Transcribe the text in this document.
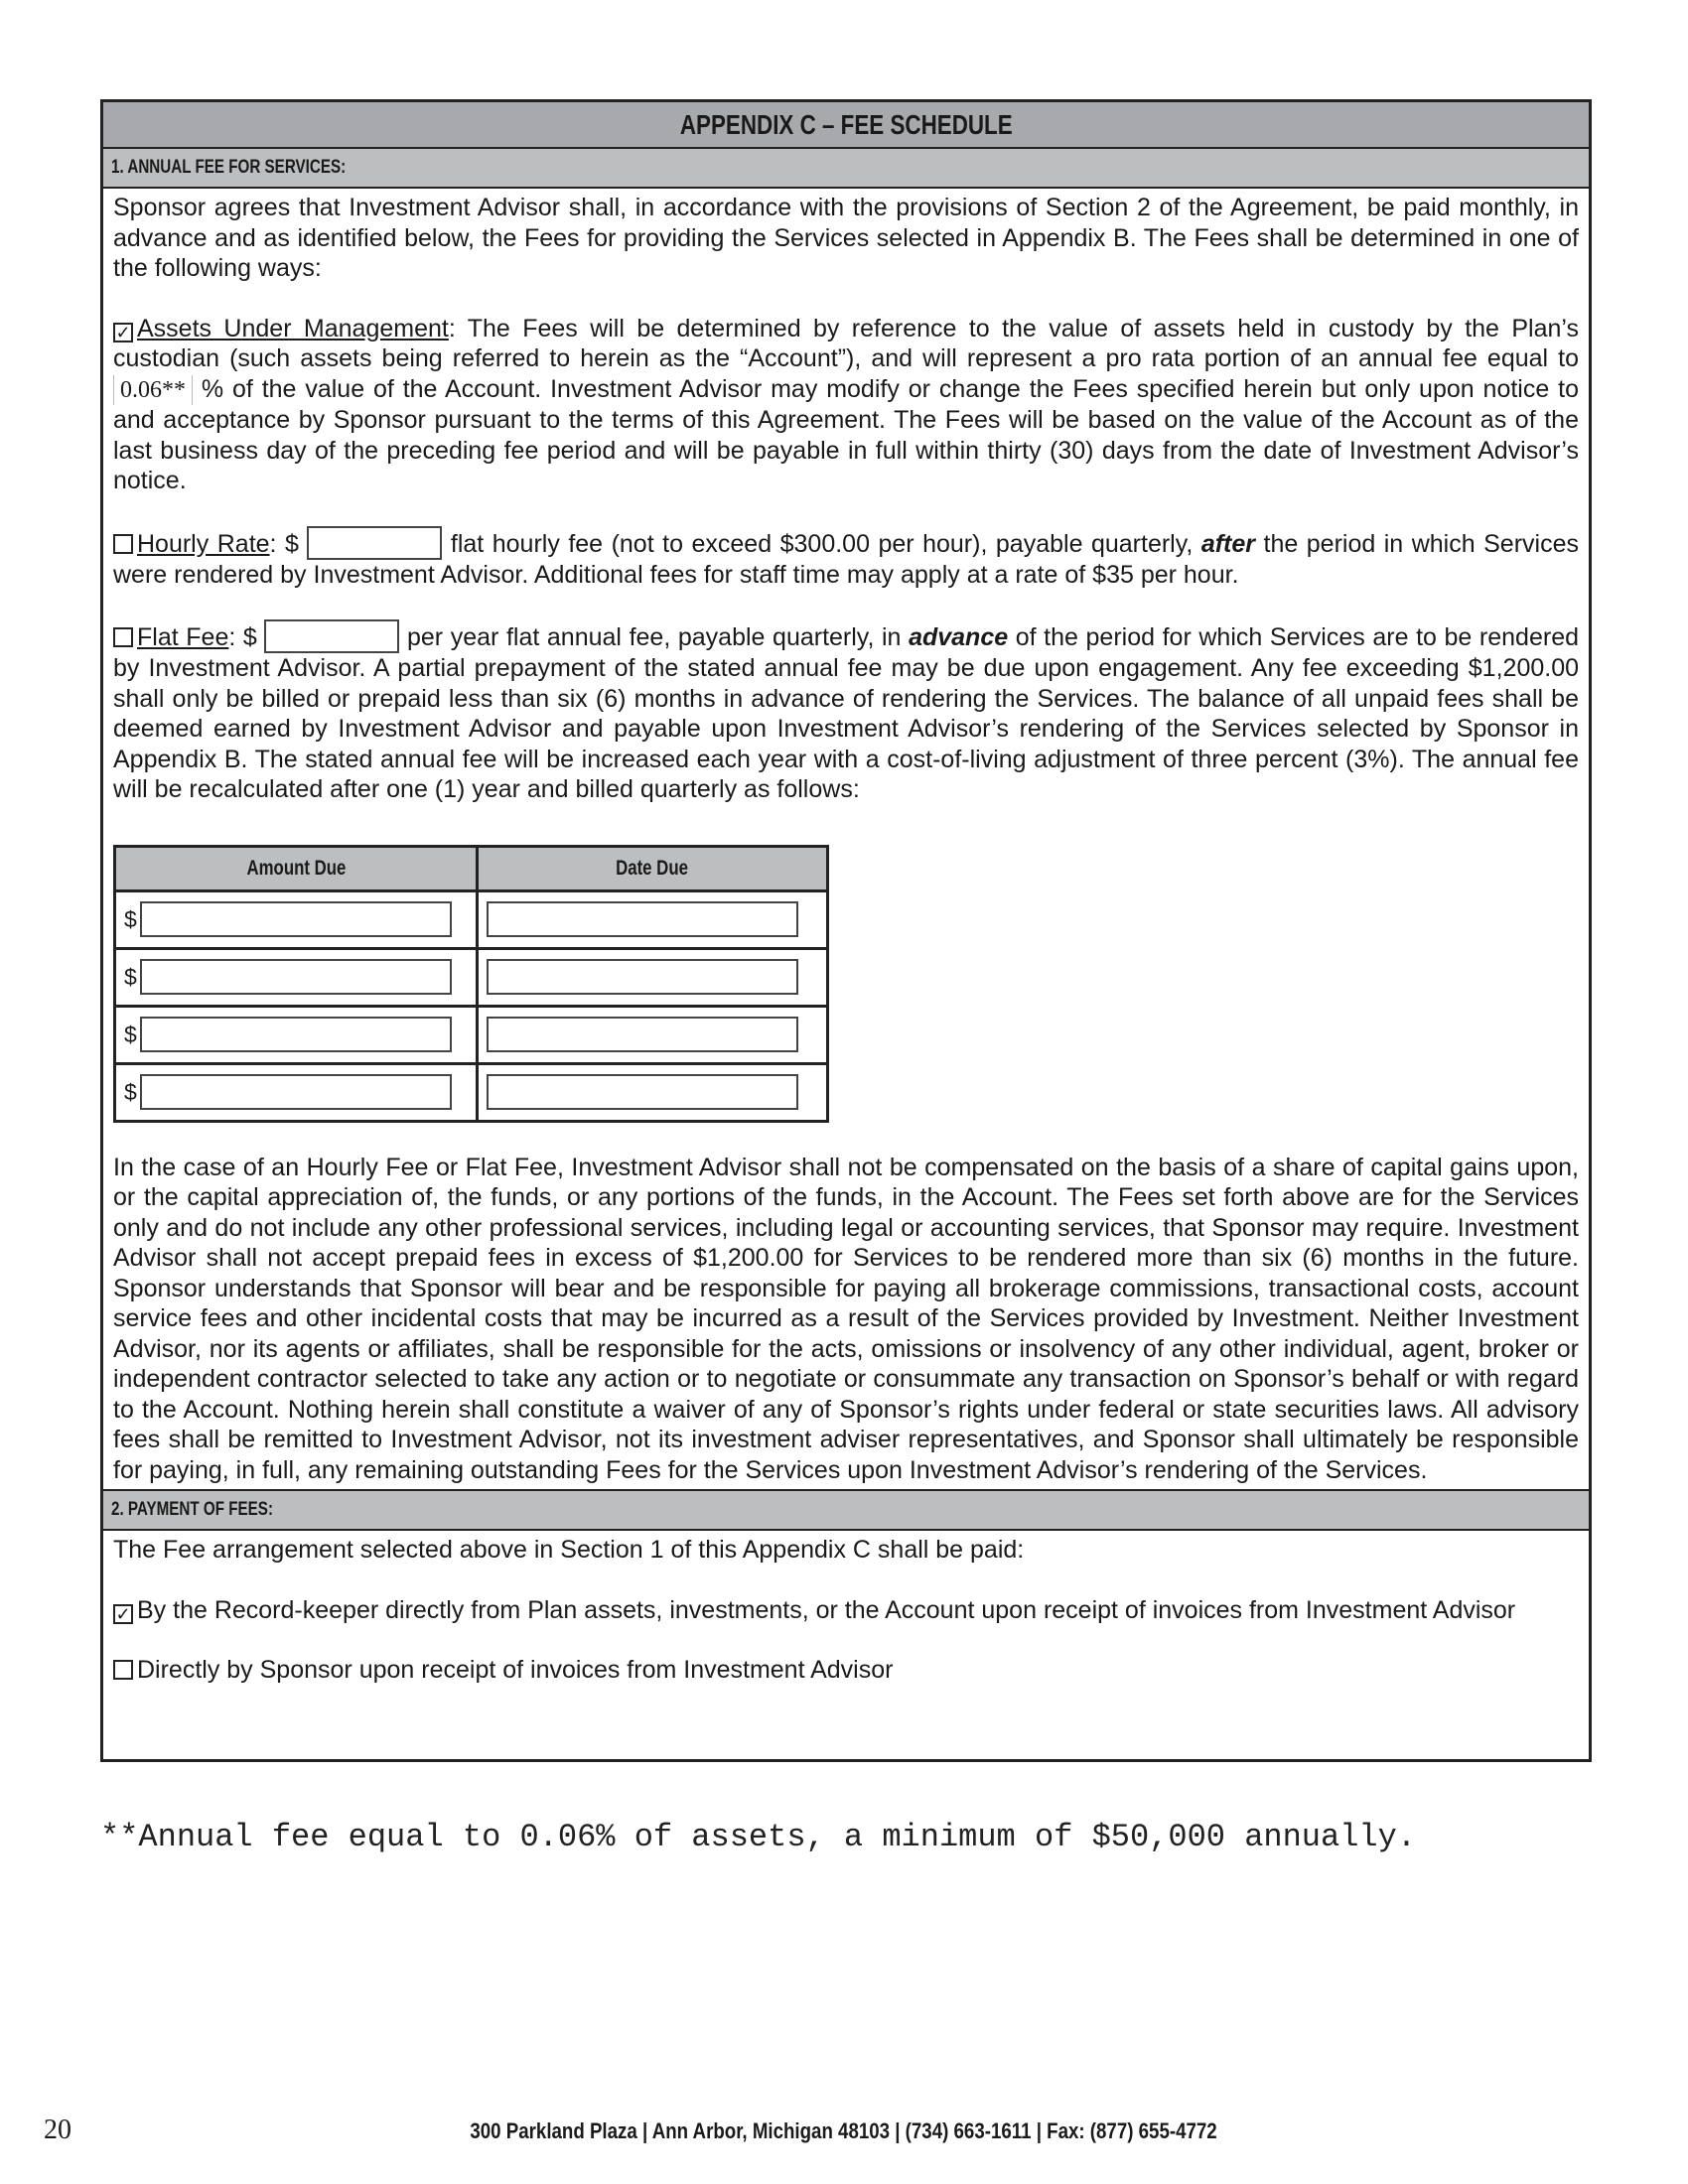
APPENDIX C – FEE SCHEDULE
1. ANNUAL FEE FOR SERVICES:

Sponsor agrees that Investment Advisor shall, in accordance with the provisions of Section 2 of the Agreement, be paid monthly, in advance and as identified below, the Fees for providing the Services selected in Appendix B. The Fees shall be determined in one of the following ways:

✓ Assets Under Management: The Fees will be determined by reference to the value of assets held in custody by the Plan’s custodian (such assets being referred to herein as the “Account”), and will represent a pro rata portion of an annual fee equal to 0.06** % of the value of the Account. Investment Advisor may modify or change the Fees specified herein but only upon notice to and acceptance by Sponsor pursuant to the terms of this Agreement. The Fees will be based on the value of the Account as of the last business day of the preceding fee period and will be payable in full within thirty (30) days from the date of Investment Advisor’s notice.

Hourly Rate: $	flat hourly fee (not to exceed $300.00 per hour), payable quarterly, after the period in which Services were rendered by Investment Advisor. Additional fees for staff time may apply at a rate of $35 per hour.

Flat Fee: $	per year flat annual fee, payable quarterly, in advance of the period for which Services are to be rendered by Investment Advisor. A partial prepayment of the stated annual fee may be due upon engagement. Any fee exceeding $1,200.00 shall only be billed or prepaid less than six (6) months in advance of rendering the Services. The balance of all unpaid fees shall be deemed earned by Investment Advisor and payable upon Investment Advisor’s rendering of the Services selected by Sponsor in Appendix B. The stated annual fee will be increased each year with a cost-of-living adjustment of three percent (3%). The annual fee will be recalculated after one (1) year and billed quarterly as follows:

Amount Due	Date Due
$	
$	
$	
$	

In the case of an Hourly Fee or Flat Fee, Investment Advisor shall not be compensated on the basis of a share of capital gains upon, or the capital appreciation of, the funds, or any portions of the funds, in the Account. The Fees set forth above are for the Services only and do not include any other professional services, including legal or accounting services, that Sponsor may require. Investment Advisor shall not accept prepaid fees in excess of $1,200.00 for Services to be rendered more than six (6) months in the future. Sponsor understands that Sponsor will bear and be responsible for paying all brokerage commissions, transactional costs, account service fees and other incidental costs that may be incurred as a result of the Services provided by Investment. Neither Investment Advisor, nor its agents or affiliates, shall be responsible for the acts, omissions or insolvency of any other individual, agent, broker or independent contractor selected to take any action or to negotiate or consummate any transaction on Sponsor’s behalf or with regard to the Account. Nothing herein shall constitute a waiver of any of Sponsor’s rights under federal or state securities laws. All advisory fees shall be remitted to Investment Advisor, not its investment adviser representatives, and Sponsor shall ultimately be responsible for paying, in full, any remaining outstanding Fees for the Services upon Investment Advisor’s rendering of the Services.

2. PAYMENT OF FEES:

The Fee arrangement selected above in Section 1 of this Appendix C shall be paid:

✓ By the Record-keeper directly from Plan assets, investments, or the Account upon receipt of invoices from Investment Advisor

Directly by Sponsor upon receipt of invoices from Investment Advisor

**Annual fee equal to 0.06% of assets, a minimum of $50,000 annually.
20	300 Parkland Plaza | Ann Arbor, Michigan 48103 | (734) 663-1611 | Fax: (877) 655-4772
